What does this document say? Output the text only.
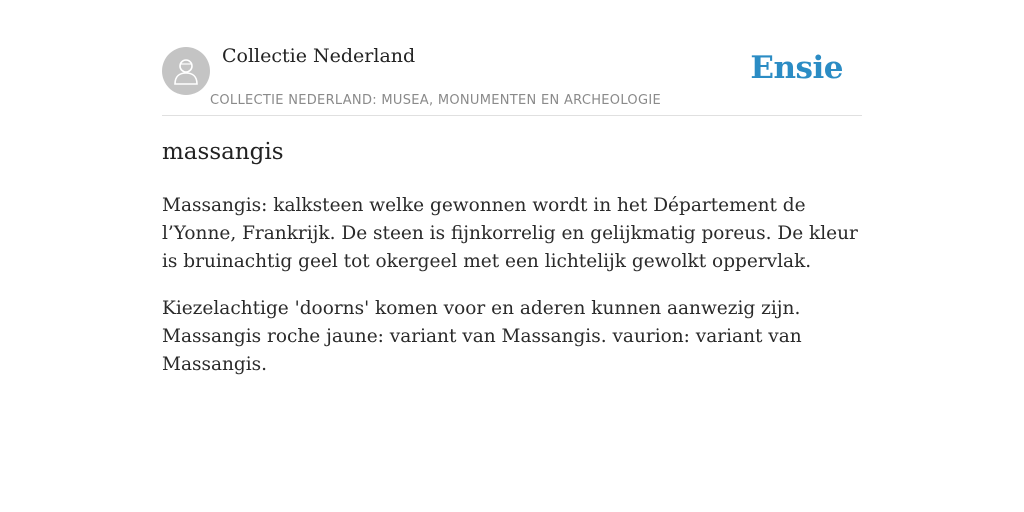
Collectie Nederland
COLLECTIE NEDERLAND: MUSEA, MONUMENTEN EN ARCHEOLOGIE
Ensie
massangis

Massangis: kalksteen welke gewonnen wordt in het Département de l’Yonne, Frankrijk. De steen is fijnkorrelig en gelijkmatig poreus. De kleur is bruinachtig geel tot okergeel met een lichtelijk gewolkt oppervlak.

Kiezelachtige 'doorns' komen voor en aderen kunnen aanwezig zijn. Massangis roche jaune: variant van Massangis. vaurion: variant van Massangis.
